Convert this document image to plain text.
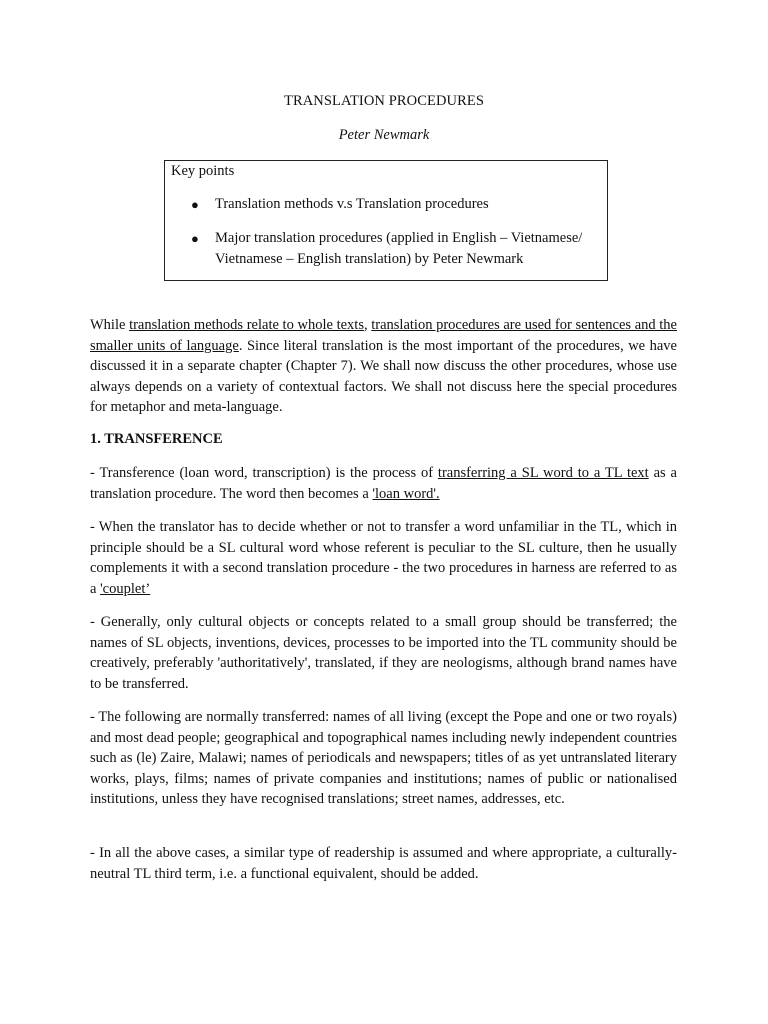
TRANSLATION PROCEDURES
Peter Newmark
Key points
● Translation methods v.s Translation procedures
● Major translation procedures (applied in English – Vietnamese/ Vietnamese – English translation) by Peter Newmark

While translation methods relate to whole texts, translation procedures are used for sentences and the smaller units of language. Since literal translation is the most important of the procedures, we have discussed it in a separate chapter (Chapter 7). We shall now discuss the other procedures, whose use always depends on a variety of contextual factors. We shall not discuss here the special procedures for metaphor and meta-language.

1. TRANSFERENCE

- Transference (loan word, transcription) is the process of transferring a SL word to a TL text as a translation procedure. The word then becomes a 'loan word'.

- When the translator has to decide whether or not to transfer a word unfamiliar in the TL, which in principle should be a SL cultural word whose referent is peculiar to the SL culture, then he usually complements it with a second translation procedure - the two procedures in harness are referred to as a 'couplet’

- Generally, only cultural objects or concepts related to a small group should be transferred; the names of SL objects, inventions, devices, processes to be imported into the TL community should be creatively, preferably 'authoritatively', translated, if they are neologisms, although brand names have to be transferred.

- The following are normally transferred: names of all living (except the Pope and one or two royals) and most dead people; geographical and topographical names including newly independent countries such as (le) Zaire, Malawi; names of periodicals and newspapers; titles of as yet untranslated literary works, plays, films; names of private companies and institutions; names of public or nationalised institutions, unless they have recognised translations; street names, addresses, etc.

- In all the above cases, a similar type of readership is assumed and where appropriate, a culturally-neutral TL third term, i.e. a functional equivalent, should be added.
